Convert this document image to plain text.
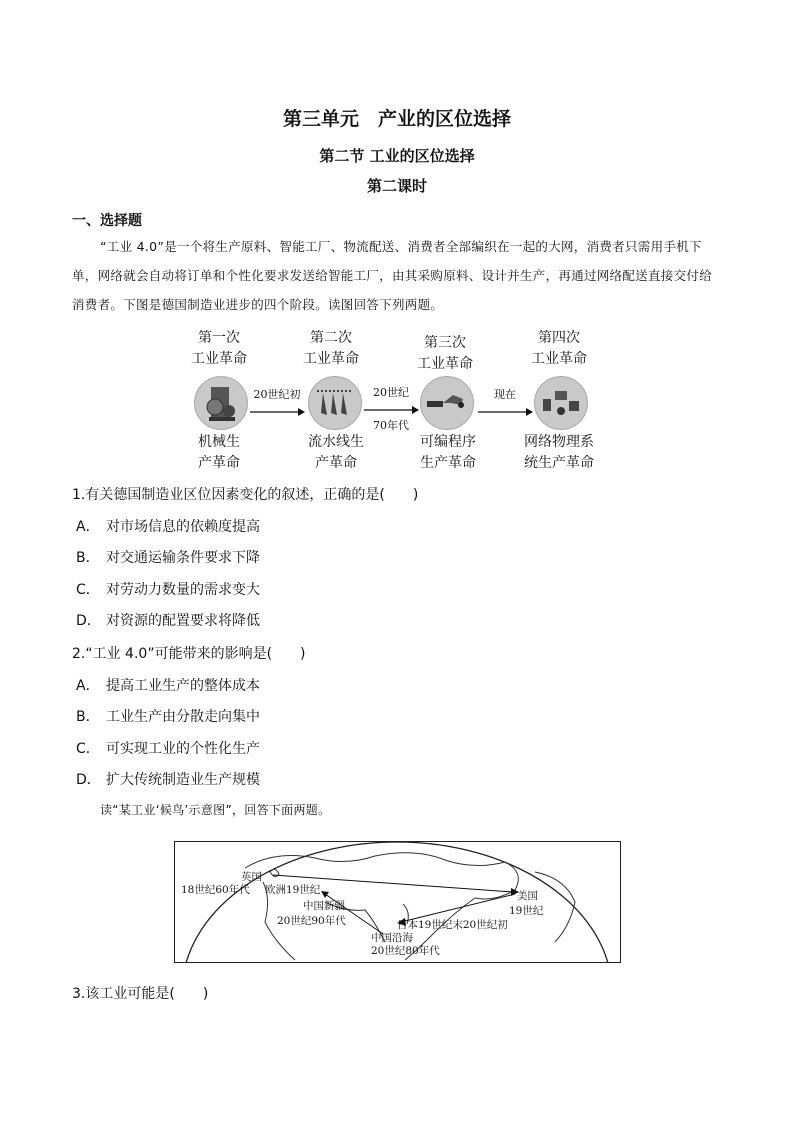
第三单元　产业的区位选择
第二节 工业的区位选择
第二课时
一、选择题
“工业 4.0”是一个将生产原料、智能工厂、物流配送、消费者全部编织在一起的大网，消费者只需用手机下单，网络就会自动将订单和个性化要求发送给智能工厂，由其采购原料、设计并生产，再通过网络配送直接交付给消费者。下图是德国制造业进步的四个阶段。读图回答下列两题。
第一次
工业革命
第二次
工业革命
第三次
工业革命
第四次
工业革命
20世纪初	20世纪
70年代
现在
机械生
产革命
流水线生
产革命
可编程序
生产革命
网络物理系
统生产革命
1.有关德国制造业区位因素变化的叙述，正确的是(　　)
A． 对市场信息的依赖度提高
B． 对交通运输条件要求下降
C． 对劳动力数量的需求变大
D． 对资源的配置要求将降低
2.“工业 4.0”可能带来的影响是(　　)
A． 提高工业生产的整体成本
B． 工业生产由分散走向集中
C． 可实现工业的个性化生产
D． 扩大传统制造业生产规模
读“某工业‘候鸟’示意图”，回答下面两题。
英国
18世纪60年代 欧洲19世纪
中国新疆
20世纪90年代
美国
19世纪
日本19世纪末20世纪初
中国沿海
20世纪80年代
3.该工业可能是(　　)
